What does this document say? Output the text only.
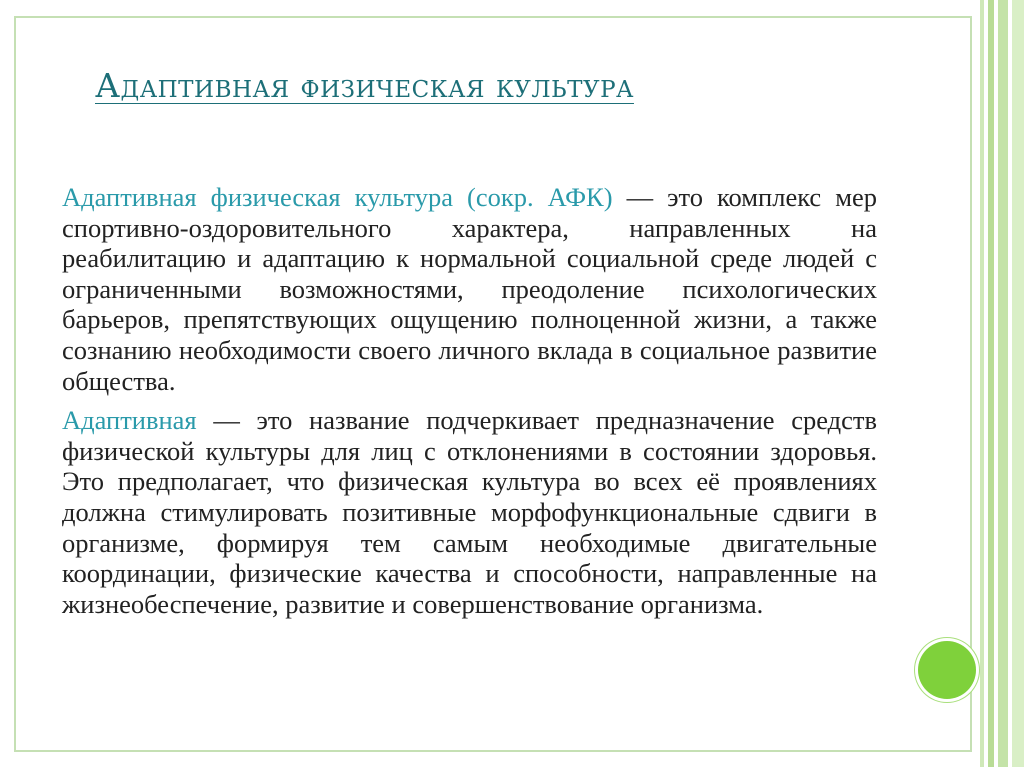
Адаптивная физическая культура

Адаптивная физическая культура (сокр. АФК) — это комплекс мер спортивно-оздоровительного характера, направленных на реабилитацию и адаптацию к нормальной социальной среде людей с ограниченными возможностями, преодоление психологических барьеров, препятствующих ощущению полноценной жизни, а также сознанию необходимости своего личного вклада в социальное развитие общества.

Адаптивная — это название подчеркивает предназначение средств физической культуры для лиц с отклонениями в состоянии здоровья. Это предполагает, что физическая культура во всех её проявлениях должна стимулировать позитивные морфофункциональные сдвиги в организме, формируя тем самым необходимые двигательные координации, физические качества и способности, направленные на жизнеобеспечение, развитие и совершенствование организма.
